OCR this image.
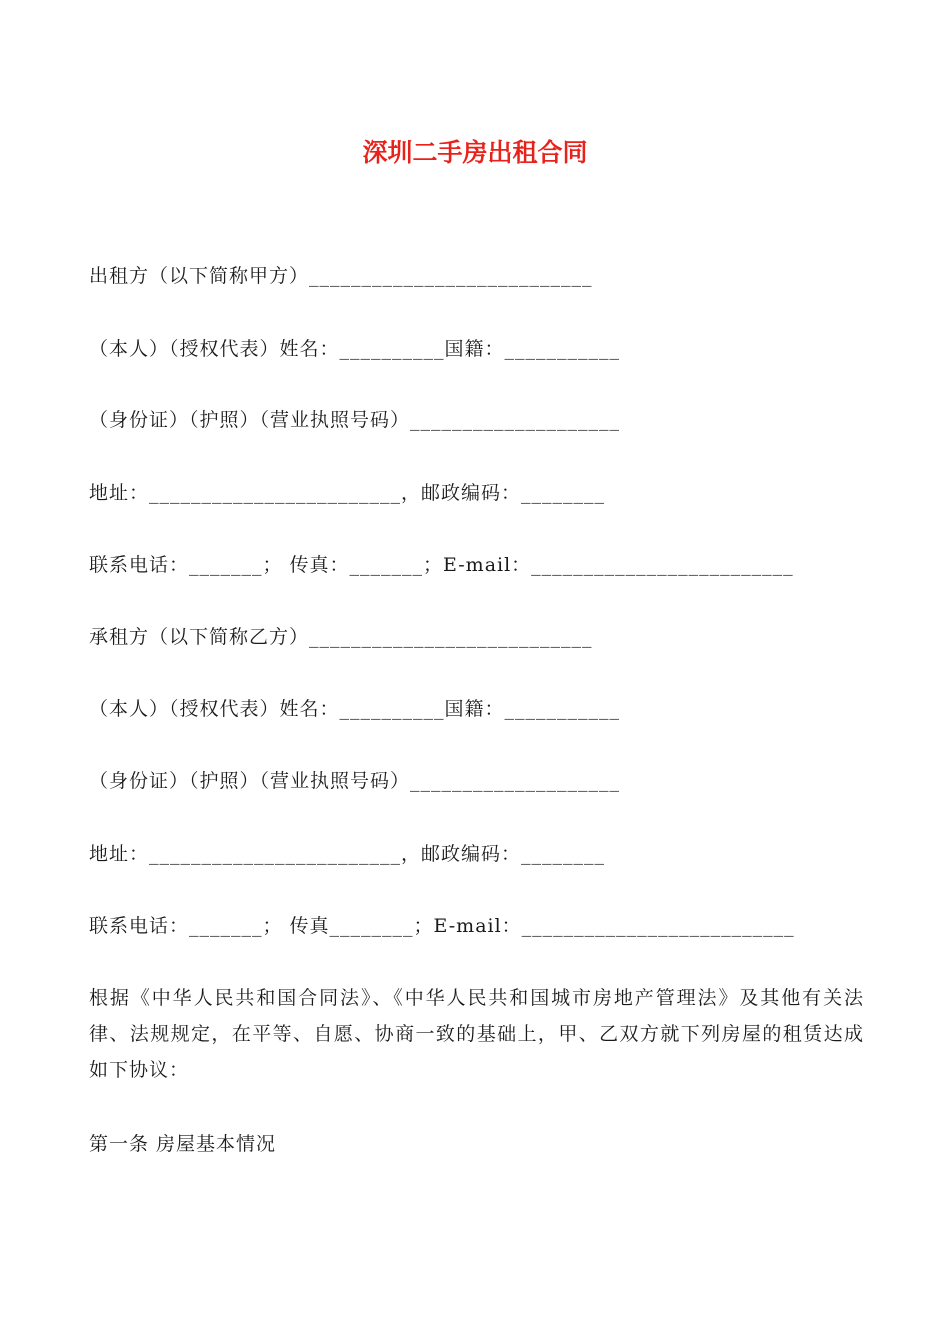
深圳二手房出租合同
出租方（以下简称甲方）___________________________
（本人）（授权代表）姓名：__________国籍：___________
（身份证）（护照）（营业执照号码）____________________
地址：________________________，邮政编码：________
联系电话：_______； 传真：_______；E-mail：_________________________
承租方（以下简称乙方）___________________________
（本人）（授权代表）姓名：__________国籍：___________
（身份证）（护照）（营业执照号码）____________________
地址：________________________，邮政编码：________
联系电话：_______； 传真________；E-mail：__________________________
根据《中华人民共和国合同法》、《中华人民共和国城市房地产管理法》及其他有关法律、法规规定，在平等、自愿、协商一致的基础上，甲、乙双方就下列房屋的租赁达成如下协议：
第一条 房屋基本情况
